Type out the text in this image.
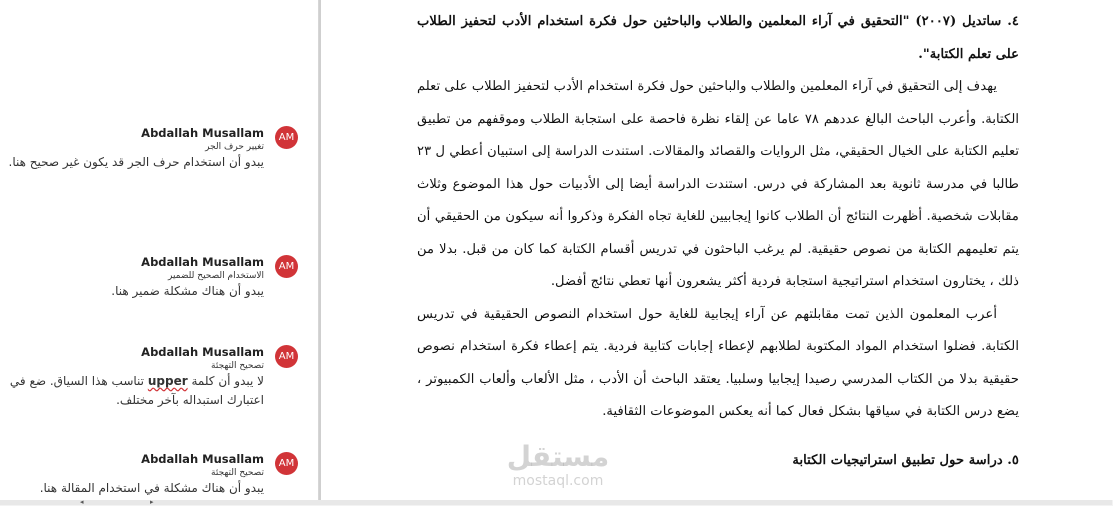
AM
Abdallah Musallam
تغيير حرف الجر
يبدو أن استخدام حرف الجر قد يكون غير صحيح هنا.
AM
Abdallah Musallam
الاستخدام الصحيح للضمير
يبدو أن هناك مشكلة ضمير هنا.
AM
Abdallah Musallam
تصحيح التهجئة
لا يبدو أن كلمة upper تناسب هذا السياق. ضع في اعتبارك استبداله بآخر مختلف.
AM
Abdallah Musallam
تصحيح التهجئة
يبدو أن هناك مشكلة في استخدام المقالة هنا.

٤. ساتديل (٢٠٠٧) "التحقيق في آراء المعلمين والطلاب والباحثين حول فكرة استخدام الأدب لتحفيز الطلاب على تعلم الكتابة".

يهدف إلى التحقيق في آراء المعلمين والطلاب والباحثين حول فكرة استخدام الأدب لتحفيز الطلاب على تعلم الكتابة. وأعرب الباحث البالغ عددهم ٧٨ عاما عن إلقاء نظرة فاحصة على استجابة الطلاب وموقفهم من تطبيق تعليم الكتابة على الخيال الحقيقي، مثل الروايات والقصائد والمقالات. استندت الدراسة إلى استبيان أعطي ل ٢٣ طالبا في مدرسة ثانوية بعد المشاركة في درس. استندت الدراسة أيضا إلى الأدبيات حول هذا الموضوع وثلاث مقابلات شخصية. أظهرت النتائج أن الطلاب كانوا إيجابيين للغاية تجاه الفكرة وذكروا أنه سيكون من الحقيقي أن يتم تعليمهم الكتابة من نصوص حقيقية. لم يرغب الباحثون في تدريس أقسام الكتابة كما كان من قبل. بدلا من ذلك ، يختارون استخدام استراتيجية استجابة فردية أكثر يشعرون أنها تعطي نتائج أفضل.

أعرب المعلمون الذين تمت مقابلتهم عن آراء إيجابية للغاية حول استخدام النصوص الحقيقية في تدريس الكتابة. فضلوا استخدام المواد المكتوبة لطلابهم لإعطاء إجابات كتابية فردية. يتم إعطاء فكرة استخدام نصوص حقيقية بدلا من الكتاب المدرسي رصيدا إيجابيا وسلبيا. يعتقد الباحث أن الأدب ، مثل الألعاب وألعاب الكمبيوتر ، يضع درس الكتابة في سياقها بشكل فعال كما أنه يعكس الموضوعات الثقافية.

٥. دراسة حول تطبيق استراتيجيات الكتابة

مستقل
mostaql.com
◂	▸
